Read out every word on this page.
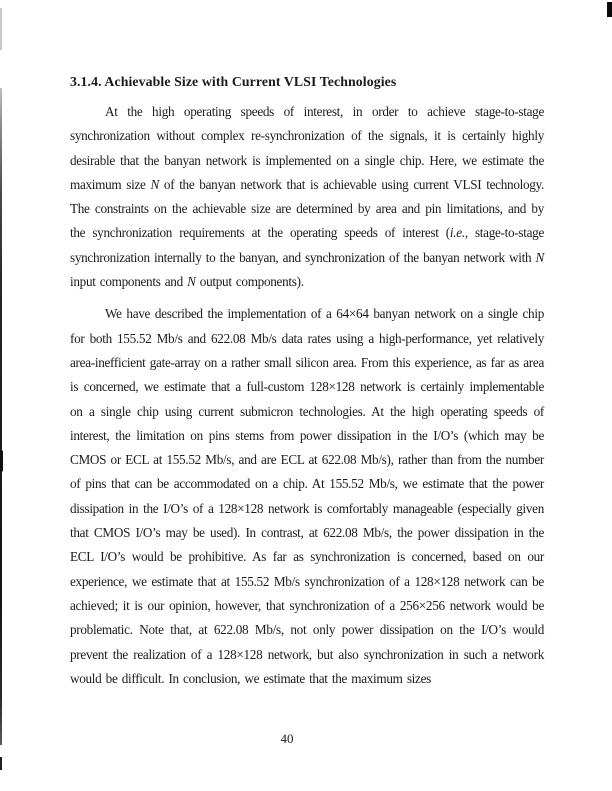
3.1.4. Achievable Size with Current VLSI Technologies

At the high operating speeds of interest, in order to achieve stage-to-stage synchronization without complex re-synchronization of the signals, it is certainly highly desirable that the banyan network is implemented on a single chip. Here, we estimate the maximum size N of the banyan network that is achievable using current VLSI technology. The constraints on the achievable size are determined by area and pin limitations, and by the synchronization requirements at the operating speeds of interest (i.e., stage-to-stage synchronization internally to the banyan, and synchronization of the banyan network with N input components and N output components).

We have described the implementation of a 64×64 banyan network on a single chip for both 155.52 Mb/s and 622.08 Mb/s data rates using a high-performance, yet relatively area-inefficient gate-array on a rather small silicon area. From this experience, as far as area is concerned, we estimate that a full-custom 128×128 network is certainly implementable on a single chip using current submicron technologies. At the high operating speeds of interest, the limitation on pins stems from power dissipation in the I/O’s (which may be CMOS or ECL at 155.52 Mb/s, and are ECL at 622.08 Mb/s), rather than from the number of pins that can be accommodated on a chip. At 155.52 Mb/s, we estimate that the power dissipation in the I/O’s of a 128×128 network is comfortably manageable (especially given that CMOS I/O’s may be used). In contrast, at 622.08 Mb/s, the power dissipation in the ECL I/O’s would be prohibitive. As far as synchronization is concerned, based on our experience, we estimate that at 155.52 Mb/s synchronization of a 128×128 network can be achieved; it is our opinion, however, that synchronization of a 256×256 network would be problematic. Note that, at 622.08 Mb/s, not only power dissipation on the I/O’s would prevent the realization of a 128×128 network, but also synchronization in such a network would be difficult. In conclusion, we estimate that the maximum sizes

40
